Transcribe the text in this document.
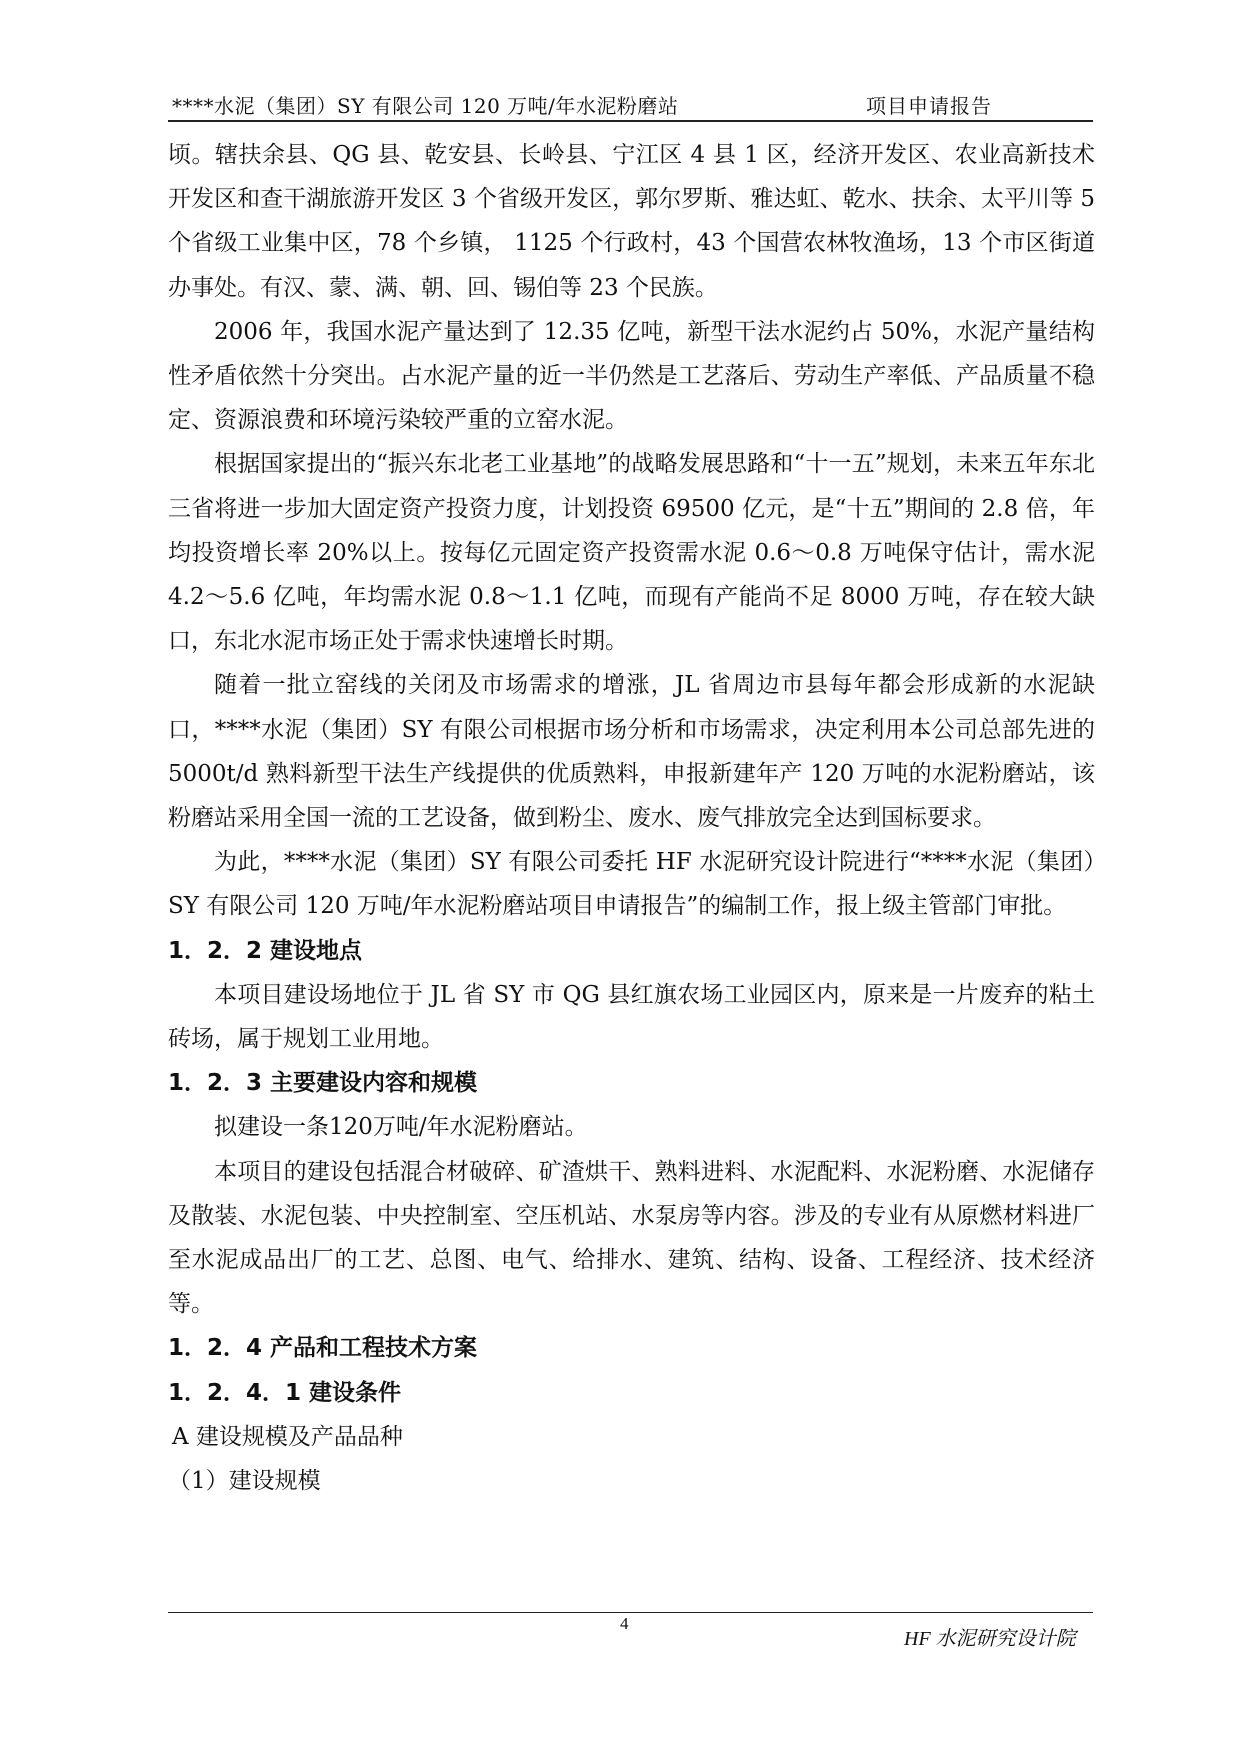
****水泥（集团）SY 有限公司 120 万吨/年水泥粉磨站	项目申请报告

顷。辖扶余县、QG 县、乾安县、长岭县、宁江区 4 县 1 区，经济开发区、农业高新技术开发区和查干湖旅游开发区 3 个省级开发区，郭尔罗斯、雅达虹、乾水、扶余、太平川等 5 个省级工业集中区，78 个乡镇， 1125 个行政村，43 个国营农林牧渔场，13 个市区街道办事处。有汉、蒙、满、朝、回、锡伯等 23 个民族。

2006 年，我国水泥产量达到了 12.35 亿吨，新型干法水泥约占 50%，水泥产量结构性矛盾依然十分突出。占水泥产量的近一半仍然是工艺落后、劳动生产率低、产品质量不稳定、资源浪费和环境污染较严重的立窑水泥。

根据国家提出的“振兴东北老工业基地”的战略发展思路和“十一五”规划，未来五年东北三省将进一步加大固定资产投资力度，计划投资 69500 亿元，是“十五”期间的 2.8 倍，年均投资增长率 20%以上。按每亿元固定资产投资需水泥 0.6～0.8 万吨保守估计，需水泥 4.2～5.6 亿吨，年均需水泥 0.8～1.1 亿吨，而现有产能尚不足 8000 万吨，存在较大缺口，东北水泥市场正处于需求快速增长时期。

随着一批立窑线的关闭及市场需求的增涨，JL 省周边市县每年都会形成新的水泥缺口，****水泥（集团）SY 有限公司根据市场分析和市场需求，决定利用本公司总部先进的 5000t/d 熟料新型干法生产线提供的优质熟料，申报新建年产 120 万吨的水泥粉磨站，该粉磨站采用全国一流的工艺设备，做到粉尘、废水、废气排放完全达到国标要求。

为此，****水泥（集团）SY 有限公司委托 HF 水泥研究设计院进行“****水泥（集团）SY 有限公司 120 万吨/年水泥粉磨站项目申请报告”的编制工作，报上级主管部门审批。

1．2．2 建设地点

本项目建设场地位于 JL 省 SY 市 QG 县红旗农场工业园区内，原来是一片废弃的粘土砖场，属于规划工业用地。

1．2．3 主要建设内容和规模

拟建设一条120万吨/年水泥粉磨站。

本项目的建设包括混合材破碎、矿渣烘干、熟料进料、水泥配料、水泥粉磨、水泥储存及散装、水泥包装、中央控制室、空压机站、水泵房等内容。涉及的专业有从原燃材料进厂至水泥成品出厂的工艺、总图、电气、给排水、建筑、结构、设备、工程经济、技术经济等。

1．2．4 产品和工程技术方案

1．2．4．1 建设条件

A 建设规模及产品品种

（1）建设规模

4
HF 水泥研究设计院
